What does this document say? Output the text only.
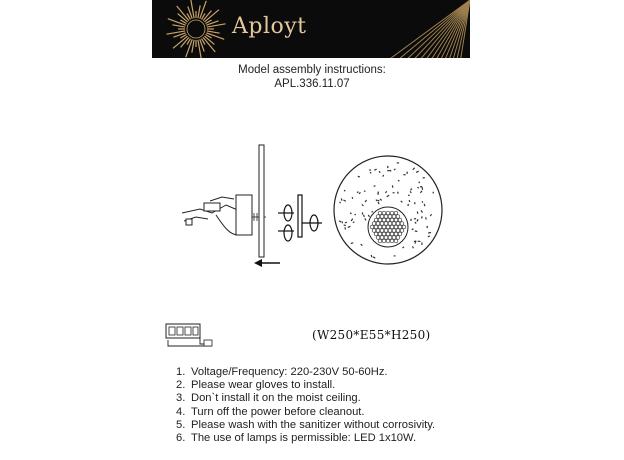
Aployt
Model assembly instructions:
APL.336.11.07
(W250*E55*H250)
1. Voltage/Frequency: 220-230V 50-60Hz.
2. Please wear gloves to install.
3. Don`t install it on the moist ceiling.
4. Turn off the power before cleanout.
5. Please wash with the sanitizer without corrosivity.
6. The use of lamps is permissible: LED 1x10W.
